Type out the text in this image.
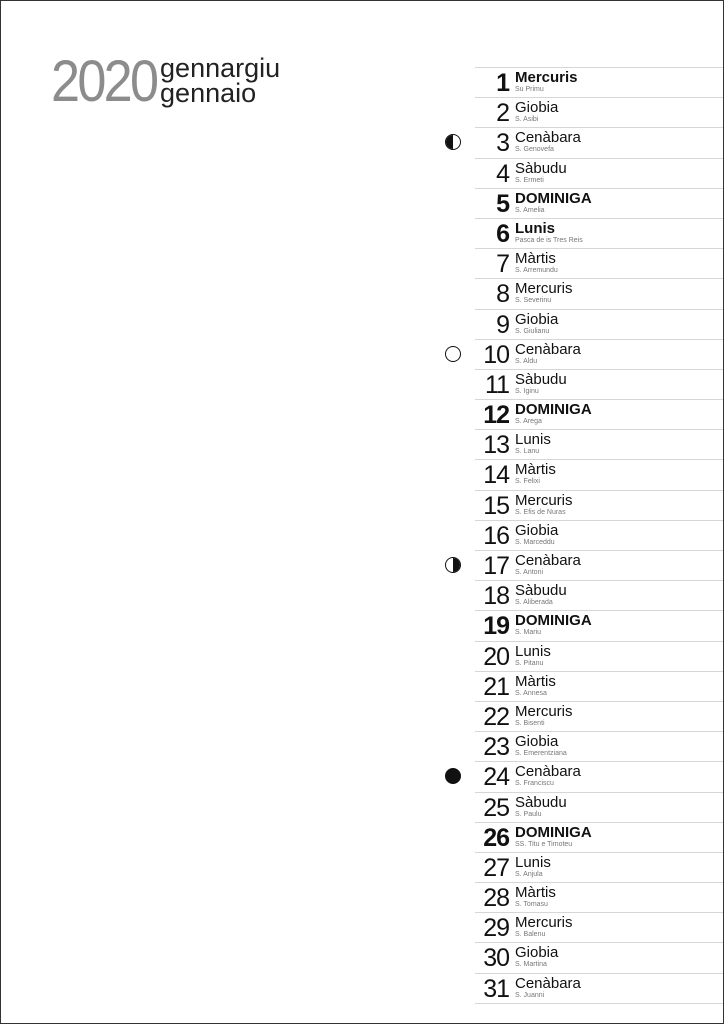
2020 gennargiu
gennaio	1 Mercuris
Su Primu
2 Giobia
S. Asibi
3 Cenàbara
S. Genovefa
4 Sàbudu
S. Ermeti
5 DOMINIGA
S. Amelia
6 Lunis
Pasca de is Tres Reis
7 Màrtis
S. Arremundu
8 Mercuris
S. Severinu
9 Giobia
S. Giulianu
10 Cenàbara
S. Aldu
11 Sàbudu
S. Iginu
12 DOMINIGA
S. Arega
13 Lunis
S. Lanu
14 Màrtis
S. Felixi
15 Mercuris
S. Efis de Nuras
16 Giobia
S. Marceddu
17 Cenàbara
S. Antoni
18 Sàbudu
S. Aliberada
19 DOMINIGA
S. Mariu
20 Lunis
S. Pitanu
21 Màrtis
S. Annesa
22 Mercuris
S. Bisenti
23 Giobia
S. Emerentziana
24 Cenàbara
S. Franciscu
25 Sàbudu
S. Paulu
26 DOMINIGA
SS. Titu e Timoteu
27 Lunis
S. Anjula
28 Màrtis
S. Tomasu
29 Mercuris
S. Balenu
30 Giobia
S. Martina
31 Cenàbara
S. Juanni
